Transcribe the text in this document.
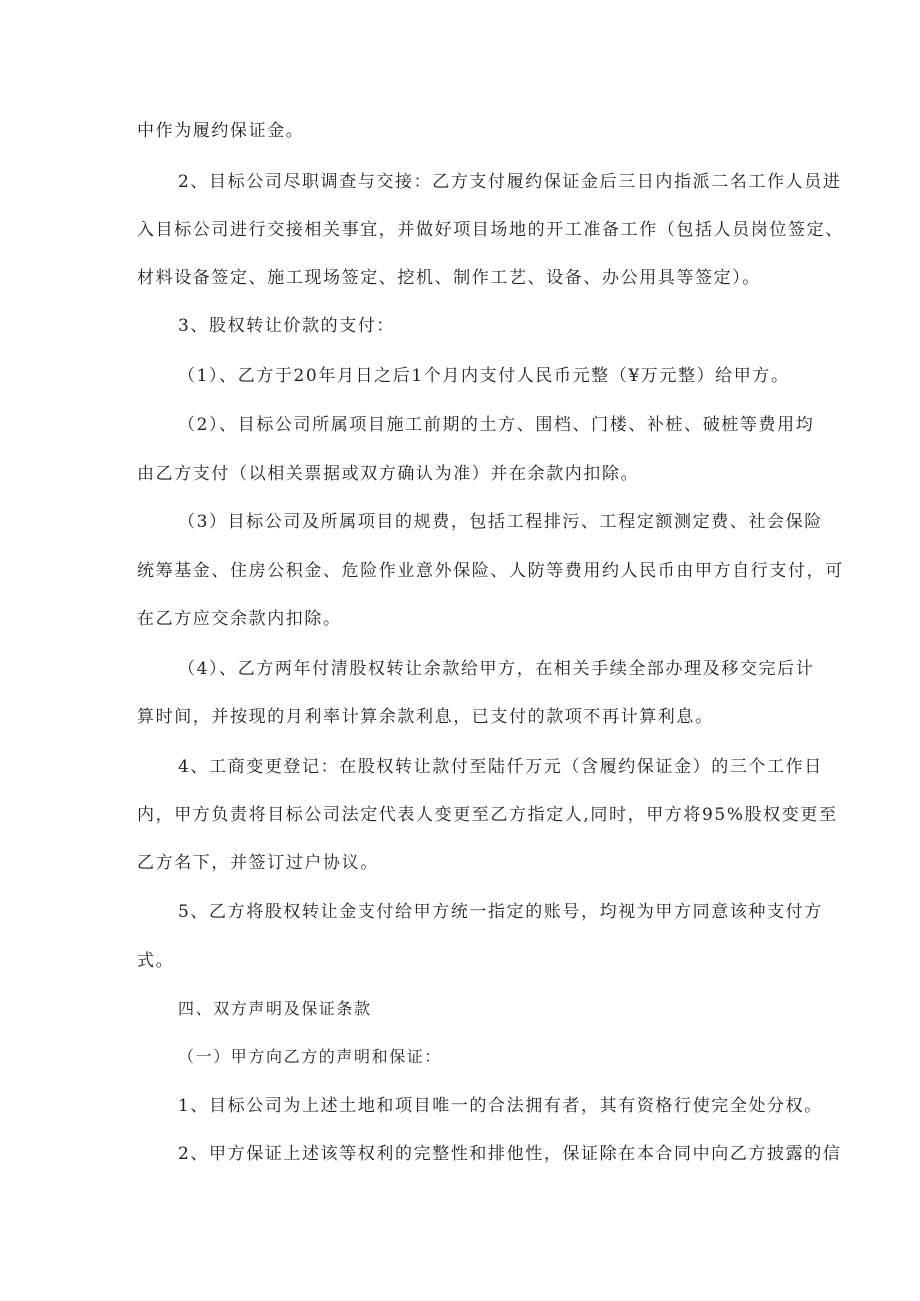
中作为履约保证金。
2、目标公司尽职调查与交接：乙方支付履约保证金后三日内指派二名工作人员进
入目标公司进行交接相关事宜，并做好项目场地的开工准备工作（包括人员岗位签定、
材料设备签定、施工现场签定、挖机、制作工艺、设备、办公用具等签定）。
3、股权转让价款的支付：
（1）、乙方于20年月日之后1个月内支付人民币元整（¥万元整）给甲方。
（2）、目标公司所属项目施工前期的土方、围档、门楼、补桩、破桩等费用均
由乙方支付（以相关票据或双方确认为准）并在余款内扣除。
（3）目标公司及所属项目的规费，包括工程排污、工程定额测定费、社会保险
统筹基金、住房公积金、危险作业意外保险、人防等费用约人民币由甲方自行支付，可
在乙方应交余款内扣除。
（4）、乙方两年付清股权转让余款给甲方，在相关手续全部办理及移交完后计
算时间，并按现的月利率计算余款利息，已支付的款项不再计算利息。
4、工商变更登记：在股权转让款付至陆仟万元（含履约保证金）的三个工作日
内，甲方负责将目标公司法定代表人变更至乙方指定人,同时，甲方将95%股权变更至
乙方名下，并签订过户协议。
5、乙方将股权转让金支付给甲方统一指定的账号，均视为甲方同意该种支付方
式。
四、双方声明及保证条款
（一）甲方向乙方的声明和保证：
1、目标公司为上述土地和项目唯一的合法拥有者，其有资格行使完全处分权。
2、甲方保证上述该等权利的完整性和排他性，保证除在本合同中向乙方披露的信
